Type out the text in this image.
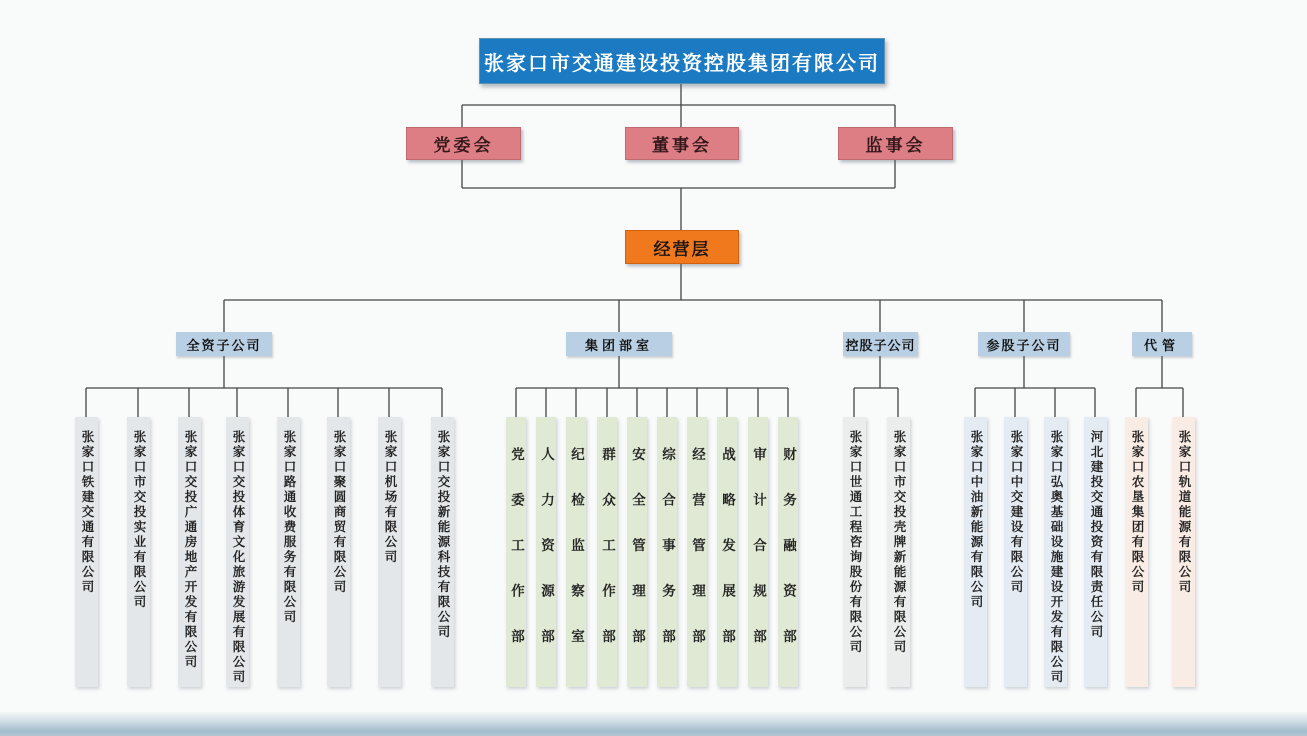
张家口市交通建设投资控股集团有限公司
党委会	董事会	监事会
经营层
全资子公司	集团部室	控股子公司	参股子公司	代管
张家口铁建交通有限公司	张家口市交投实业有限公司	张家口交投广通房地产开发有限公司	张家口交投体育文化旅游发展有限公司	张家口路通收费服务有限公司	张家口聚圆商贸有限公司	张家口机场有限公司	张家口交投新能源科技有限公司	党委工作部 人力资源部 纪检监察室 群众工作部 安全管理部 综合事务部 经营管理部 战略发展部 审计合规部 财务融资部	张家口世通工程咨询股份有限公司	张家口市交投壳牌新能源有限公司	张家口中油新能源有限公司	张家口中交建设有限公司	张家口弘奥基础设施建设开发有限公司	河北建投交通投资有限责任公司	张家口农垦集团有限公司	张家口轨道能源有限公司
